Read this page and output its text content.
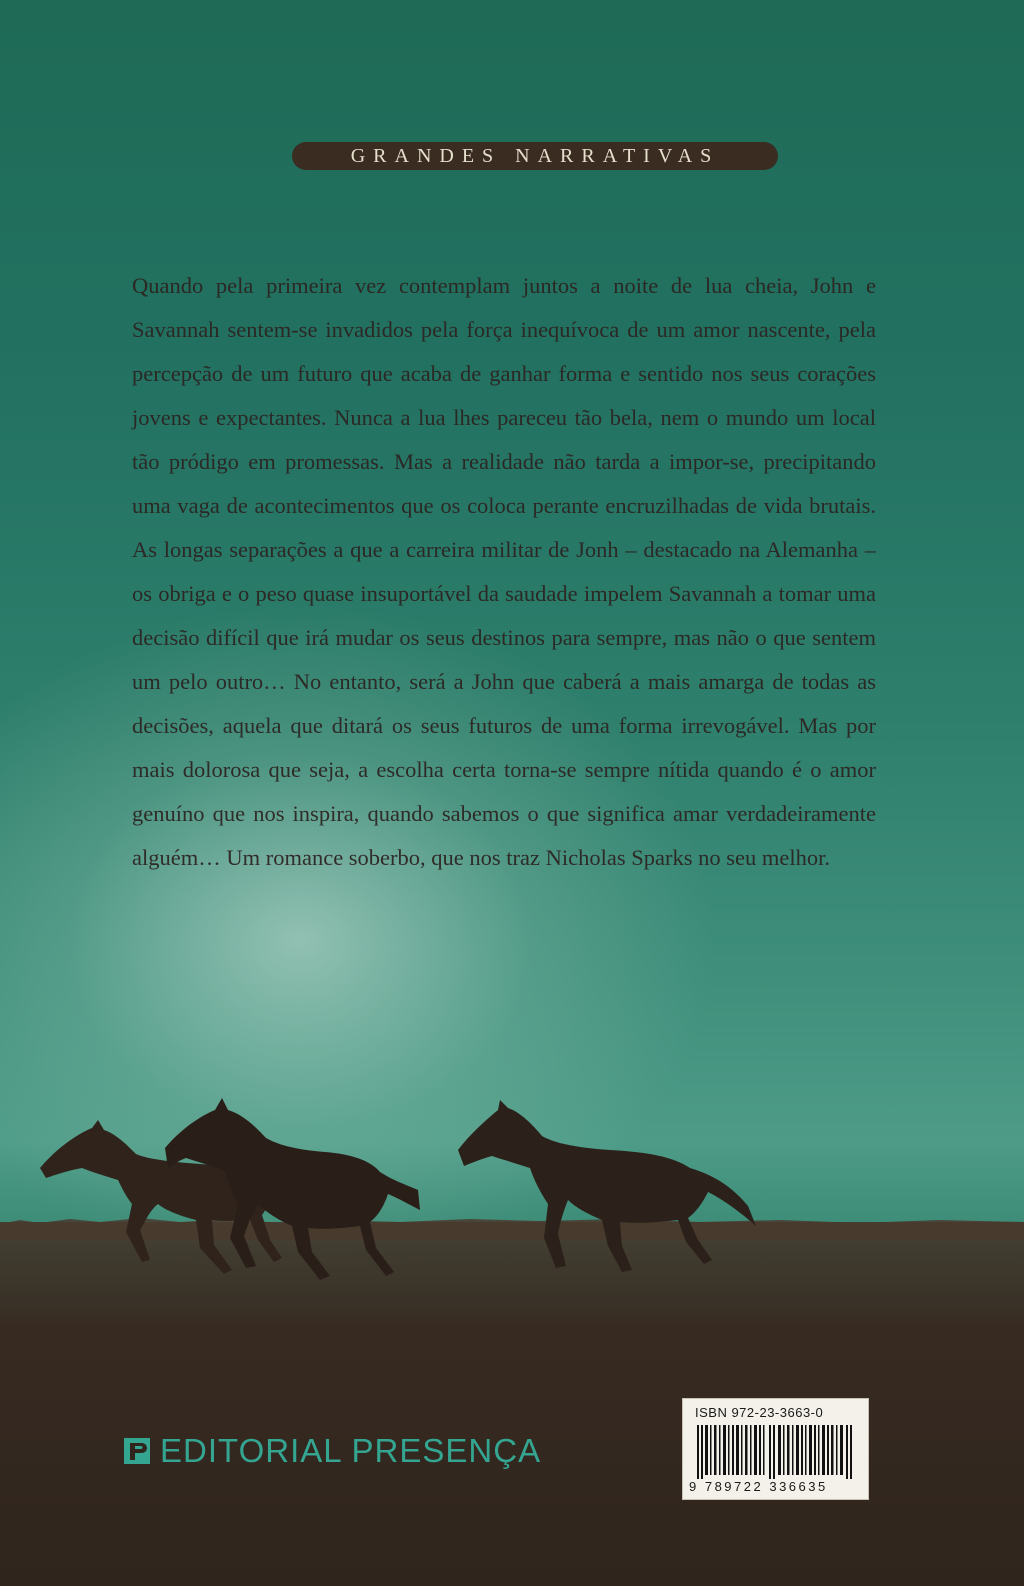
GRANDES NARRATIVAS
Quando pela primeira vez contemplam juntos a noite de lua cheia, John e Savannah sentem-se invadidos pela força inequívoca de um amor nascente, pela percepção de um futuro que acaba de ganhar forma e sentido nos seus corações jovens e expectantes. Nunca a lua lhes pareceu tão bela, nem o mundo um local tão pródigo em promessas. Mas a realidade não tarda a impor-se, precipitando uma vaga de acontecimentos que os coloca perante encruzilhadas de vida brutais. As longas separações a que a carreira militar de Jonh – destacado na Alemanha – os obriga e o peso quase insuportável da saudade impelem Savannah a tomar uma decisão difícil que irá mudar os seus destinos para sempre, mas não o que sentem um pelo outro… No entanto, será a John que caberá a mais amarga de todas as decisões, aquela que ditará os seus futuros de uma forma irrevogável. Mas por mais dolorosa que seja, a escolha certa torna-se sempre nítida quando é o amor genuíno que nos inspira, quando sabemos o que significa amar verdadeiramente alguém… Um romance soberbo, que nos traz Nicholas Sparks no seu melhor.
EDITORIAL PRESENÇA
ISBN 972-23-3663-0
9 789722 336635
